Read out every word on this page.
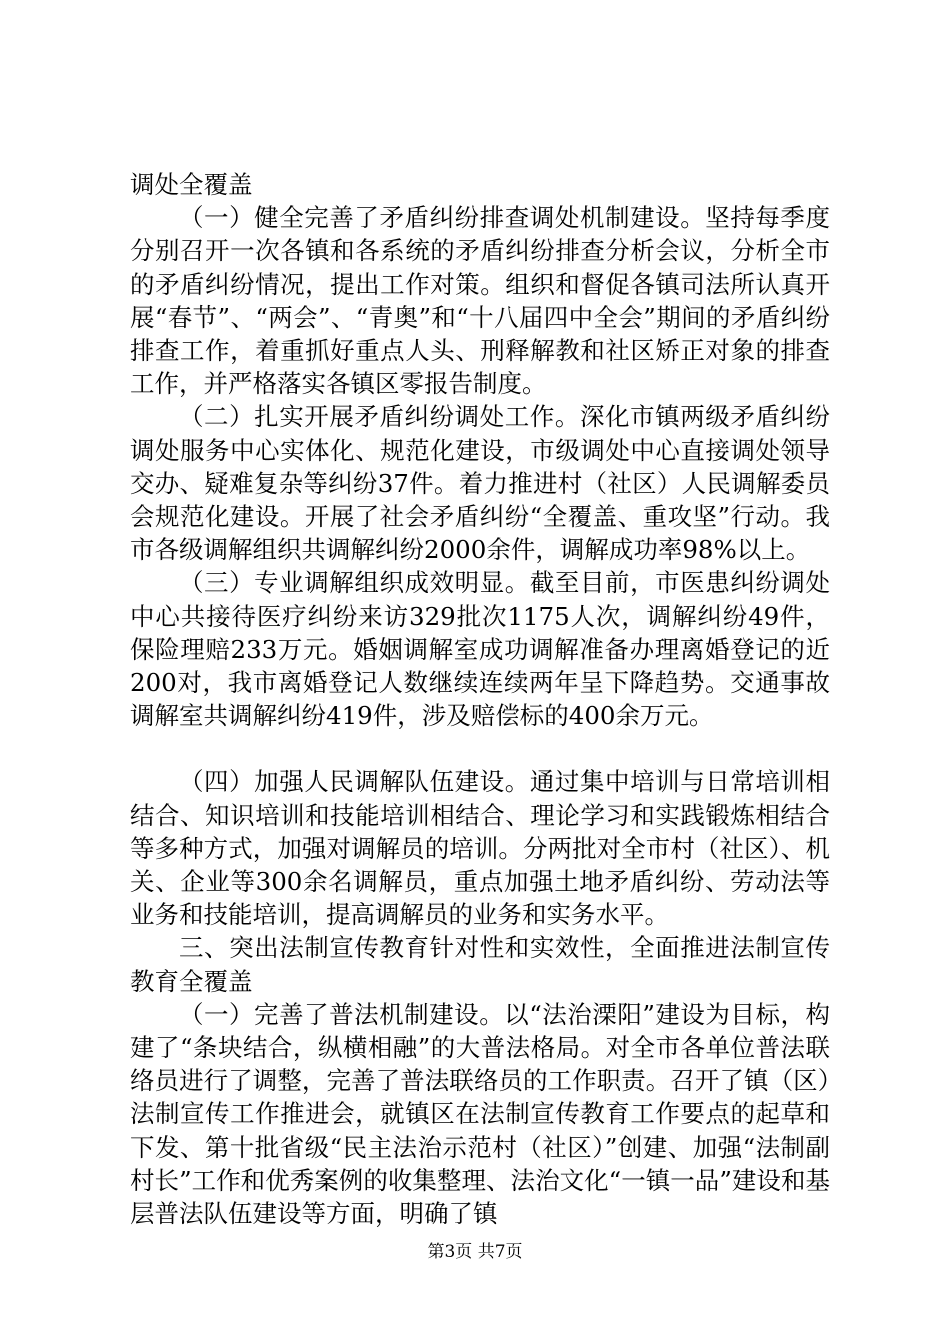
调处全覆盖

（一）健全完善了矛盾纠纷排查调处机制建设。坚持每季度分别召开一次各镇和各系统的矛盾纠纷排查分析会议，分析全市的矛盾纠纷情况，提出工作对策。组织和督促各镇司法所认真开展“春节”、“两会”、“青奥”和“十八届四中全会”期间的矛盾纠纷排查工作，着重抓好重点人头、刑释解教和社区矫正对象的排查工作，并严格落实各镇区零报告制度。

（二）扎实开展矛盾纠纷调处工作。深化市镇两级矛盾纠纷调处服务中心实体化、规范化建设，市级调处中心直接调处领导交办、疑难复杂等纠纷37件。着力推进村（社区）人民调解委员会规范化建设。开展了社会矛盾纠纷“全覆盖、重攻坚”行动。我市各级调解组织共调解纠纷2000余件，调解成功率98%以上。

（三）专业调解组织成效明显。截至目前，市医患纠纷调处中心共接待医疗纠纷来访329批次1175人次，调解纠纷49件，保险理赔233万元。婚姻调解室成功调解准备办理离婚登记的近200对，我市离婚登记人数继续连续两年呈下降趋势。交通事故调解室共调解纠纷419件，涉及赔偿标的400余万元。

（四）加强人民调解队伍建设。通过集中培训与日常培训相结合、知识培训和技能培训相结合、理论学习和实践锻炼相结合等多种方式，加强对调解员的培训。分两批对全市村（社区）、机关、企业等300余名调解员，重点加强土地矛盾纠纷、劳动法等业务和技能培训，提高调解员的业务和实务水平。

三、突出法制宣传教育针对性和实效性，全面推进法制宣传教育全覆盖

（一）完善了普法机制建设。以“法治溧阳”建设为目标，构建了“条块结合，纵横相融”的大普法格局。对全市各单位普法联络员进行了调整，完善了普法联络员的工作职责。召开了镇（区）法制宣传工作推进会，就镇区在法制宣传教育工作要点的起草和下发、第十批省级“民主法治示范村（社区）”创建、加强“法制副村长”工作和优秀案例的收集整理、法治文化“一镇一品”建设和基层普法队伍建设等方面，明确了镇

第3页 共7页
